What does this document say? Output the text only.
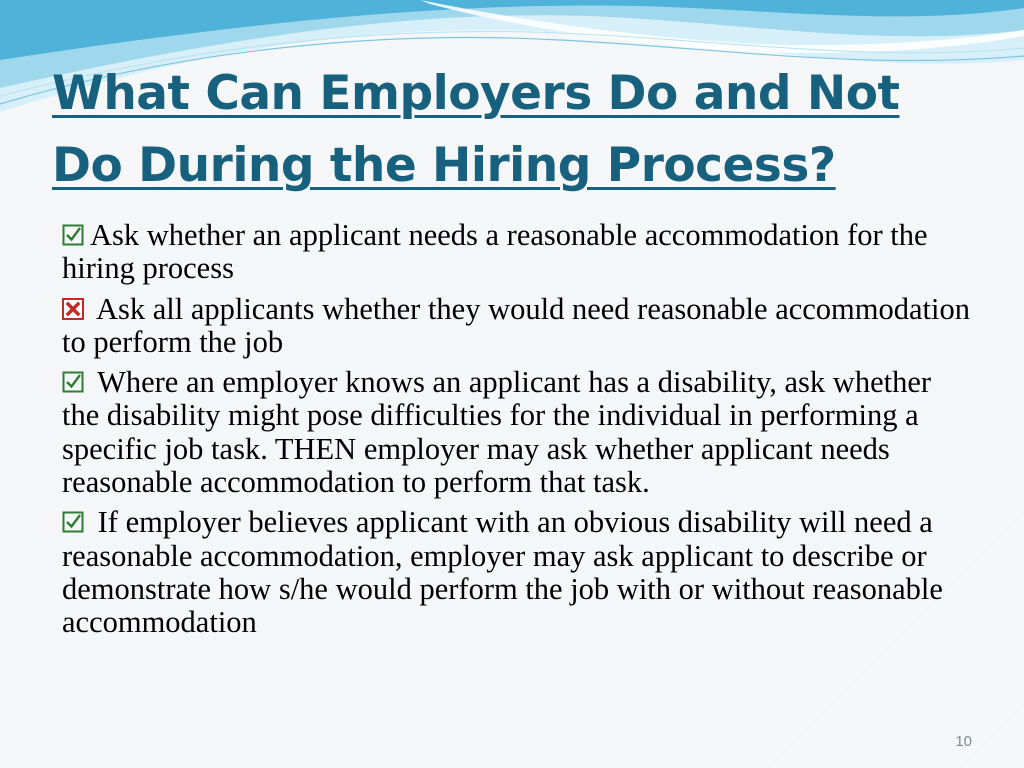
What Can Employers Do and Not
Do During the Hiring Process?
Ask whether an applicant needs a reasonable accommodation for the hiring process
Ask all applicants whether they would need reasonable accommodation to perform the job
Where an employer knows an applicant has a disability, ask whether the disability might pose difficulties for the individual in performing a specific job task. THEN employer may ask whether applicant needs reasonable accommodation to perform that task.
If employer believes applicant with an obvious disability will need a reasonable accommodation, employer may ask applicant to describe or demonstrate how s/he would perform the job with or without reasonable accommodation
10
